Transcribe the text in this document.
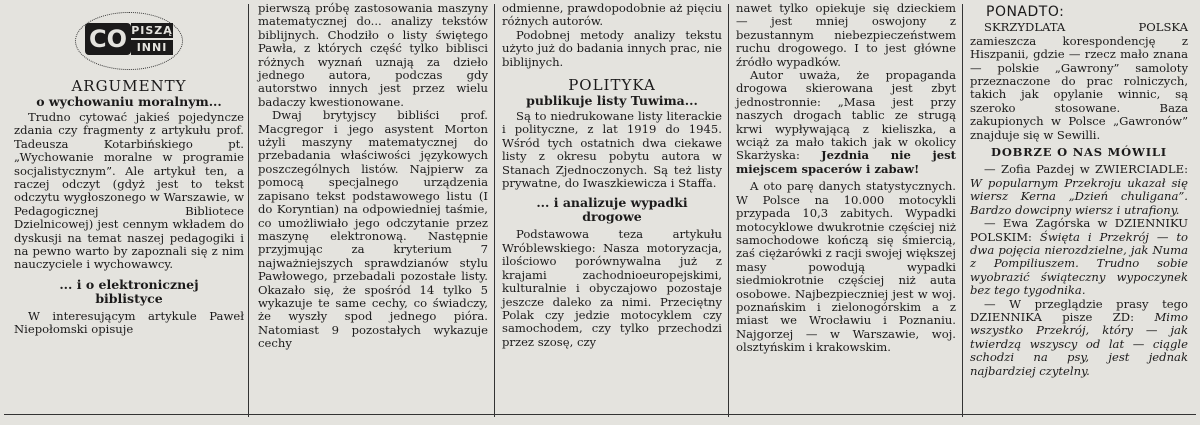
CO PISZĄ
INNI
ARGUMENTY
o wychowaniu moralnym...

Trudno cytować jakieś pojedyncze zdania czy fragmenty z artykułu prof. Tadeusza Kotarbińskiego pt. „Wychowanie moralne w programie socjalistycznym”. Ale artykuł ten, a raczej odczyt (gdyż jest to tekst odczytu wygłoszonego w Warszawie, w Pedagogicznej Bibliotece Dzielnicowej) jest cennym wkładem do dyskusji na temat naszej pedagogiki i na pewno warto by zapoznali się z nim nauczyciele i wychowawcy.

... i o elektronicznej biblistyce

W interesującym artykule Paweł Niepołomski opisuje

pierwszą próbę zastosowania maszyny matematycznej do... analizy tekstów biblijnych. Chodziło o listy świętego Pawła, z których część tylko biblisci różnych wyznań uznają za dzieło jednego autora, podczas gdy autorstwo innych jest przez wielu badaczy kwestionowane.

Dwaj brytyjscy bibliści prof. Macgregor i jego asystent Morton użyli maszyny matematycznej do przebadania właściwości językowych poszczególnych listów. Najpierw za pomocą specjalnego urządzenia zapisano tekst podstawowego listu (I do Koryntian) na odpowiedniej taśmie, co umożliwiało jego odczytanie przez maszynę elektronową. Następnie przyjmując za kryterium 7 najważniejszych sprawdzianów stylu Pawłowego, przebadali pozostałe listy. Okazało się, że spośród 14 tylko 5 wykazuje te same cechy, co świadczy, że wyszły spod jednego pióra. Natomiast 9 pozostałych wykazuje cechy

odmienne, prawdopodobnie aż pięciu różnych autorów.

Podobnej metody analizy tekstu użyto już do badania innych prac, nie biblijnych.

POLITYKA
publikuje listy Tuwima...

Są to niedrukowane listy literackie i polityczne, z lat 1919 do 1945. Wśród tych ostatnich dwa ciekawe listy z okresu pobytu autora w Stanach Zjednoczonych. Są też listy prywatne, do Iwaszkiewicza i Staffa.

... i analizuje wypadki drogowe

Podstawowa teza artykułu Wróblewskiego: Nasza motoryzacja, ilościowo porównywalna już z krajami zachodnioeuropejskimi, kulturalnie i obyczajowo pozostaje jeszcze daleko za nimi. Przeciętny Polak czy jedzie motocyklem czy samochodem, czy tylko przechodzi przez szosę, czy

nawet tylko opiekuje się dzieckiem — jest mniej oswojony z bezustannym niebezpieczeństwem ruchu drogowego. I to jest główne źródło wypadków.

Autor uważa, że propaganda drogowa skierowana jest zbyt jednostronnie: „Masa jest przy naszych drogach tablic ze strugą krwi wypływającą z kieliszka, a wciąż za mało takich jak w okolicy Skarżyska: Jezdnia nie jest miejscem spacerów i zabaw!

A oto parę danych statystycznych. W Polsce na 10.000 motocykli przypada 10,3 zabitych. Wypadki motocyklowe dwukrotnie częściej niż samochodowe kończą się śmiercią, zaś ciężarówki z racji swojej większej masy powodują wypadki siedmiokrotnie częściej niż auta osobowe. Najbezpieczniej jest w woj. poznańskim i zielonogórskim a z miast we Wrocławiu i Poznaniu. Najgorzej — w Warszawie, woj. olsztyńskim i krakowskim.

PONADTO:

SKRZYDLATA POLSKA zamieszcza korespondencję z Hiszpanii, gdzie — rzecz mało znana — polskie „Gawrony” samoloty przeznaczone do prac rolniczych, takich jak opylanie winnic, są szeroko stosowane. Baza zakupionych w Polsce „Gawronów” znajduje się w Sewilli.

DOBRZE O NAS MÓWILI

— Zofia Pazdej w ZWIERCIADLE: W popularnym Przekroju ukazał się wiersz Kerna „Dzień chuligana”. Bardzo dowcipny wiersz i utrafiony.

— Ewa Zagórska w DZIENNIKU POLSKIM: Święta i Przekrój — to dwa pojęcia nierozdzielne, jak Numa z Pompiliuszem. Trudno sobie wyobrazić świąteczny wypoczynek bez tego tygodnika.

— W przeglądzie prasy tego DZIENNIKA pisze ZD: Mimo wszystko Przekrój, który — jak twierdzą wszyscy od lat — ciągle schodzi na psy, jest jednak najbardziej czytelny.
